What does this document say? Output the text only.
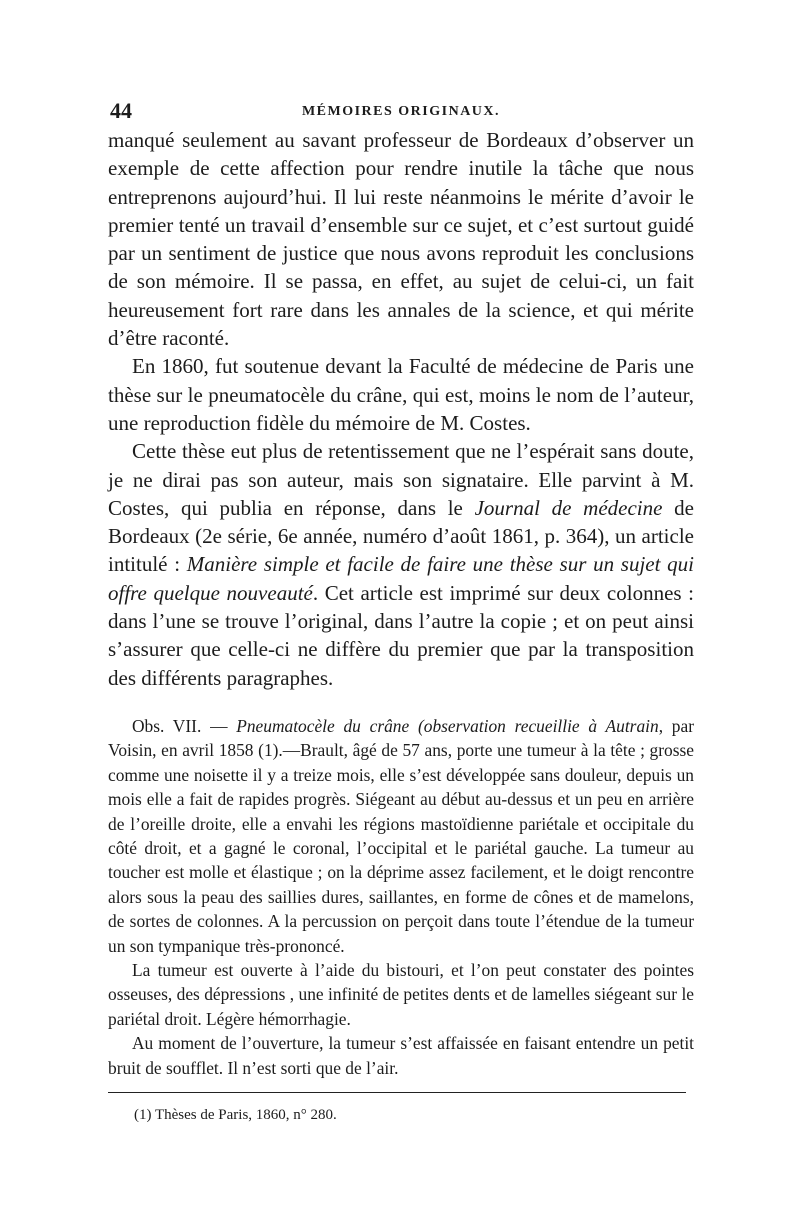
44	MÉMOIRES ORIGINAUX.

manqué seulement au savant professeur de Bordeaux d’observer un exemple de cette affection pour rendre inutile la tâche que nous entreprenons aujourd’hui. Il lui reste néanmoins le mérite d’avoir le premier tenté un travail d’ensemble sur ce sujet, et c’est surtout guidé par un sentiment de justice que nous avons reproduit les conclusions de son mémoire. Il se passa, en effet, au sujet de celui-ci, un fait heureusement fort rare dans les annales de la science, et qui mérite d’être raconté.

En 1860, fut soutenue devant la Faculté de médecine de Paris une thèse sur le pneumatocèle du crâne, qui est, moins le nom de l’auteur, une reproduction fidèle du mémoire de M. Costes.

Cette thèse eut plus de retentissement que ne l’espérait sans doute, je ne dirai pas son auteur, mais son signataire. Elle parvint à M. Costes, qui publia en réponse, dans le Journal de médecine de Bordeaux (2e série, 6e année, numéro d’août 1861, p. 364), un article intitulé : Manière simple et facile de faire une thèse sur un sujet qui offre quelque nouveauté. Cet article est imprimé sur deux colonnes : dans l’une se trouve l’original, dans l’autre la copie ; et on peut ainsi s’assurer que celle-ci ne diffère du premier que par la transposition des différents paragraphes.

Obs. VII. — Pneumatocèle du crâne (observation recueillie à Autrain, par Voisin, en avril 1858 (1).—Brault, âgé de 57 ans, porte une tumeur à la tête ; grosse comme une noisette il y a treize mois, elle s’est développée sans douleur, depuis un mois elle a fait de rapides progrès. Siégeant au début au-dessus et un peu en arrière de l’oreille droite, elle a envahi les régions mastoïdienne pariétale et occipitale du côté droit, et a gagné le coronal, l’occipital et le pariétal gauche. La tumeur au toucher est molle et élastique ; on la déprime assez facilement, et le doigt rencontre alors sous la peau des saillies dures, saillantes, en forme de cônes et de mamelons, de sortes de colonnes. A la percussion on perçoit dans toute l’étendue de la tumeur un son tympanique très-prononcé.

La tumeur est ouverte à l’aide du bistouri, et l’on peut constater des pointes osseuses, des dépressions , une infinité de petites dents et de lamelles siégeant sur le pariétal droit. Légère hémorrhagie.

Au moment de l’ouverture, la tumeur s’est affaissée en faisant entendre un petit bruit de soufflet. Il n’est sorti que de l’air.

(1) Thèses de Paris, 1860, n° 280.
